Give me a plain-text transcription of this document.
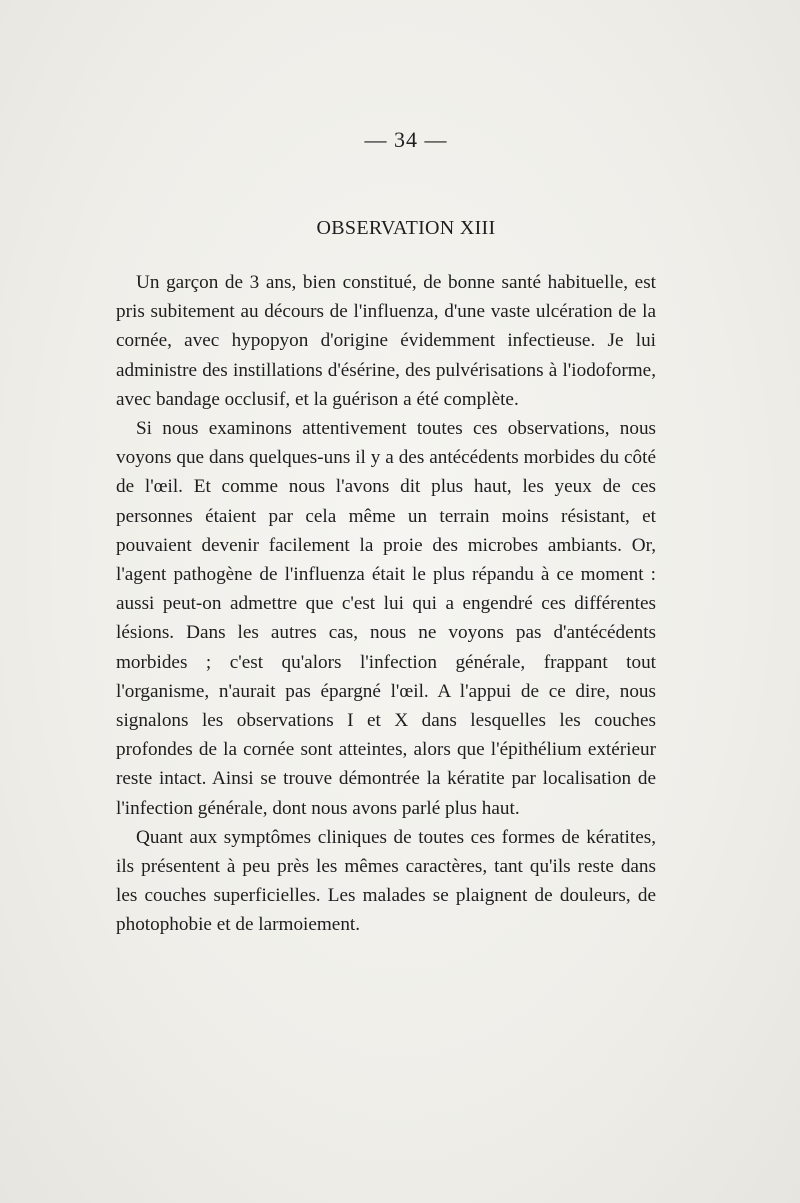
— 34 —
OBSERVATION XIII

Un garçon de 3 ans, bien constitué, de bonne santé habituelle, est pris subitement au décours de l'influenza, d'une vaste ulcération de la cornée, avec hypopyon d'origine évidemment infectieuse. Je lui administre des instillations d'ésérine, des pulvérisations à l'iodoforme, avec bandage occlusif, et la guérison a été complète.

Si nous examinons attentivement toutes ces observations, nous voyons que dans quelques-uns il y a des antécédents morbides du côté de l'œil. Et comme nous l'avons dit plus haut, les yeux de ces personnes étaient par cela même un terrain moins résistant, et pouvaient devenir facilement la proie des microbes ambiants. Or, l'agent pathogène de l'influenza était le plus répandu à ce moment : aussi peut-on admettre que c'est lui qui a engendré ces différentes lésions. Dans les autres cas, nous ne voyons pas d'antécédents morbides ; c'est qu'alors l'infection générale, frappant tout l'organisme, n'aurait pas épargné l'œil. A l'appui de ce dire, nous signalons les observations I et X dans lesquelles les couches profondes de la cornée sont atteintes, alors que l'épithélium extérieur reste intact. Ainsi se trouve démontrée la kératite par localisation de l'infection générale, dont nous avons parlé plus haut.

Quant aux symptômes cliniques de toutes ces formes de kératites, ils présentent à peu près les mêmes caractères, tant qu'ils reste dans les couches superficielles. Les malades se plaignent de douleurs, de photophobie et de larmoiement.
